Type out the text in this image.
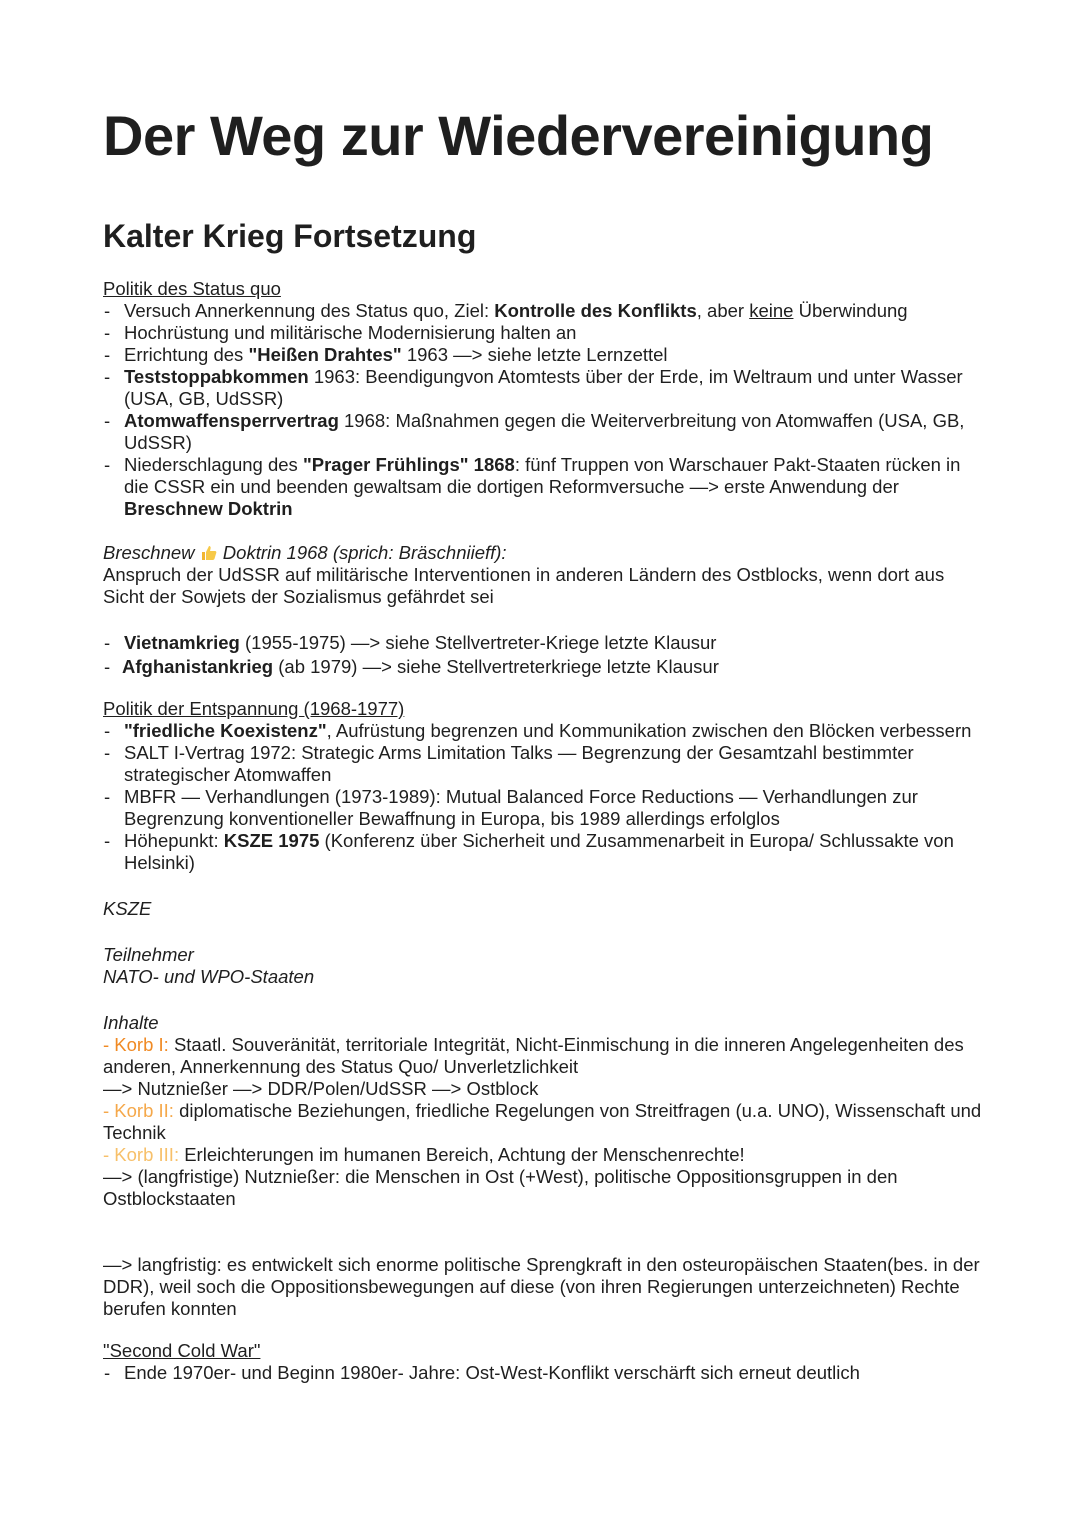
Der Weg zur Wiedervereinigung
Kalter Krieg Fortsetzung
Politik des Status quo
- Versuch Annerkennung des Status quo, Ziel: Kontrolle des Konflikts, aber keine Überwindung
- Hochrüstung und militärische Modernisierung halten an
- Errichtung des "Heißen Drahtes" 1963 —> siehe letzte Lernzettel
- Teststoppabkommen 1963: Beendigungvon Atomtests über der Erde, im Weltraum und unter Wasser (USA, GB, UdSSR)
- Atomwaffensperrvertrag 1968: Maßnahmen gegen die Weiterverbreitung von Atomwaffen (USA, GB, UdSSR)
- Niederschlagung des "Prager Frühlings" 1868: fünf Truppen von Warschauer Pakt-Staaten rücken in die CSSR ein und beenden gewaltsam die dortigen Reformversuche —> erste Anwendung der Breschnew Doktrin
Breschnew  Doktrin 1968 (sprich: Bräschniieff):
Anspruch der UdSSR auf militärische Interventionen in anderen Ländern des Ostblocks, wenn dort aus Sicht der Sowjets der Sozialismus gefährdet sei
- Vietnamkrieg (1955-1975) —> siehe Stellvertreter-Kriege letzte Klausur
- Afghanistankrieg (ab 1979) —> siehe Stellvertreterkriege letzte Klausur
Politik der Entspannung (1968-1977)
- "friedliche Koexistenz", Aufrüstung begrenzen und Kommunikation zwischen den Blöcken verbessern
- SALT I-Vertrag 1972: Strategic Arms Limitation Talks — Begrenzung der Gesamtzahl bestimmter strategischer Atomwaffen
- MBFR — Verhandlungen (1973-1989): Mutual Balanced Force Reductions — Verhandlungen zur Begrenzung konventioneller Bewaffnung in Europa, bis 1989 allerdings erfolglos
- Höhepunkt: KSZE 1975 (Konferenz über Sicherheit und Zusammenarbeit in Europa/ Schlussakte von Helsinki)
KSZE
Teilnehmer
NATO- und WPO-Staaten
Inhalte
- Korb I: Staatl. Souveränität, territoriale Integrität, Nicht-Einmischung in die inneren Angelegenheiten des anderen, Annerkennung des Status Quo/ Unverletzlichkeit
—> Nutznießer —> DDR/Polen/UdSSR —> Ostblock
- Korb II: diplomatische Beziehungen, friedliche Regelungen von Streitfragen (u.a. UNO), Wissenschaft und Technik
- Korb III: Erleichterungen im humanen Bereich, Achtung der Menschenrechte!
—> (langfristige) Nutznießer: die Menschen in Ost (+West), politische Oppositionsgruppen in den Ostblockstaaten
—> langfristig: es entwickelt sich enorme politische Sprengkraft in den osteuropäischen Staaten(bes. in der DDR), weil soch die Oppositionsbewegungen auf diese (von ihren Regierungen unterzeichneten) Rechte berufen konnten
"Second Cold War"
- Ende 1970er- und Beginn 1980er- Jahre: Ost-West-Konflikt verschärft sich erneut deutlich
